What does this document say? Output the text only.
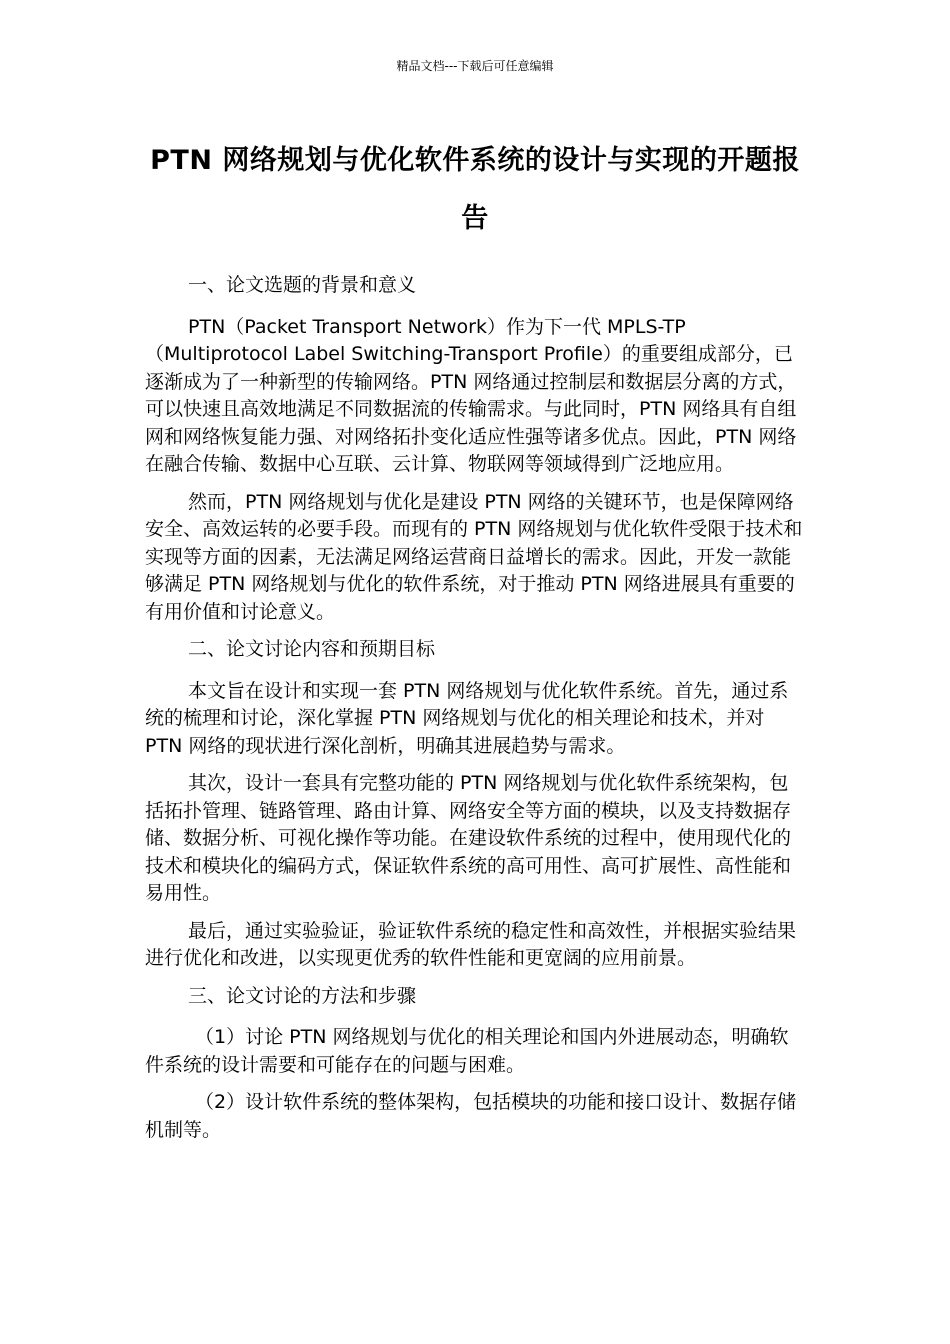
精品文档---下载后可任意编辑
PTN 网络规划与优化软件系统的设计与实现的开题报告

一、论文选题的背景和意义

PTN（Packet Transport Network）作为下一代 MPLS-TP（Multiprotocol Label Switching-Transport Profile）的重要组成部分，已逐渐成为了一种新型的传输网络。PTN 网络通过控制层和数据层分离的方式，可以快速且高效地满足不同数据流的传输需求。与此同时，PTN 网络具有自组网和网络恢复能力强、对网络拓扑变化适应性强等诸多优点。因此，PTN 网络在融合传输、数据中心互联、云计算、物联网等领域得到广泛地应用。

然而，PTN 网络规划与优化是建设 PTN 网络的关键环节，也是保障网络安全、高效运转的必要手段。而现有的 PTN 网络规划与优化软件受限于技术和实现等方面的因素，无法满足网络运营商日益增长的需求。因此，开发一款能够满足 PTN 网络规划与优化的软件系统，对于推动 PTN 网络进展具有重要的有用价值和讨论意义。

二、论文讨论内容和预期目标

本文旨在设计和实现一套 PTN 网络规划与优化软件系统。首先，通过系统的梳理和讨论，深化掌握 PTN 网络规划与优化的相关理论和技术，并对 PTN 网络的现状进行深化剖析，明确其进展趋势与需求。

其次，设计一套具有完整功能的 PTN 网络规划与优化软件系统架构，包括拓扑管理、链路管理、路由计算、网络安全等方面的模块，以及支持数据存储、数据分析、可视化操作等功能。在建设软件系统的过程中，使用现代化的技术和模块化的编码方式，保证软件系统的高可用性、高可扩展性、高性能和易用性。

最后，通过实验验证，验证软件系统的稳定性和高效性，并根据实验结果进行优化和改进，以实现更优秀的软件性能和更宽阔的应用前景。

三、论文讨论的方法和步骤

（1）讨论 PTN 网络规划与优化的相关理论和国内外进展动态，明确软件系统的设计需要和可能存在的问题与困难。

（2）设计软件系统的整体架构，包括模块的功能和接口设计、数据存储机制等。
